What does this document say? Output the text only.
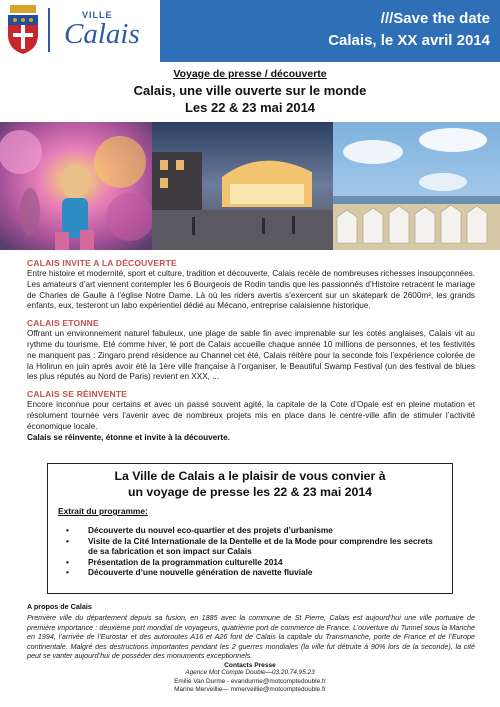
VILLE
Calais	///Save the date
Calais, le XX avril 2014
Voyage de presse / découverte
Calais, une ville ouverte sur le monde
Les 22 & 23 mai 2014
CALAIS INVITE A LA DÉCOUVERTE
Entre histoire et modernité, sport et culture, tradition et découverte, Calais recèle de nombreuses richesses insoupçonnées. Les amateurs d’art viennent contempler les 6 Bourgeois de Rodin tandis que les passionnés d’Histoire retracent le mariage de Charles de Gaulle à l’église Notre Dame. Là où les riders avertis s’exercent sur un skatepark de 2600m², les grands enfants, eux, testeront un labo expérientiel dédié au Mécano, entreprise calaisienne historique.
CALAIS ETONNE
Offrant un environnement naturel fabuleux, une plage de sable fin avec imprenable sur les cotés anglaises, Calais vit au rythme du tourisme. Eté comme hiver, le port de Calais accueille chaque année 10 millions de personnes, et les festivités ne manquent pas : Zingaro prend résidence au Channel cet été, Calais réitère pour la seconde fois l’expérience colorée de la Holirun en juin après avoir été la 1ère ville française à l’organiser, le Beautiful Swamp Festival (un des festival de blues les plus réputés au Nord de Paris) revient en XXX, ...
CALAIS SE RÉINVENTE
Encore inconnue pour certains et avec un passé souvent agité, la capitale de la Cote d’Opale est en pleine mutation et résolument tournée vers l’avenir avec de nombreux projets mis en place dans le centre-ville afin de stimuler l’activité économique locale.
Calais se réinvente, étonne et invite à la découverte.
La Ville de Calais a le plaisir de vous convier à
un voyage de presse les 22 & 23 mai 2014
Extrait du programme:
• Découverte du nouvel eco-quartier et des projets d’urbanisme
• Visite de la Cité Internationale de la Dentelle et de la Mode pour comprendre les secrets de sa fabrication et son impact sur Calais
• Présentation de la programmation culturelle 2014
• Découverte d’une nouvelle génération de navette fluviale
A propos de Calais
Première ville du département depuis sa fusion, en 1885 avec la commune de St Pierre, Calais est aujourd’hui une ville portuaire de première importance : deuxième port mondial de voyageurs, quatrième port de commerce de France. L’ouverture du Tunnel sous la Manche en 1994, l’arrivée de l’Eurostar et des autoroutes A16 et A26 font de Calais la capitale du Transmanche, porte de France et de l’Europe continentale. Malgré des destructions importantes pendant les 2 guerres mondiales (la ville fut détruite à 90% lors de la seconde), la cité peut se vanter aujourd’hui de posséder des monuments exceptionnels.
Contacts Presse
Agence Mot Compte Double—03.20.74.95.23
Emilie Van Durme - evandurme@motcomptedouble.fr
Marine Merveillie— mmerveillie@motcomptedouble.fr
